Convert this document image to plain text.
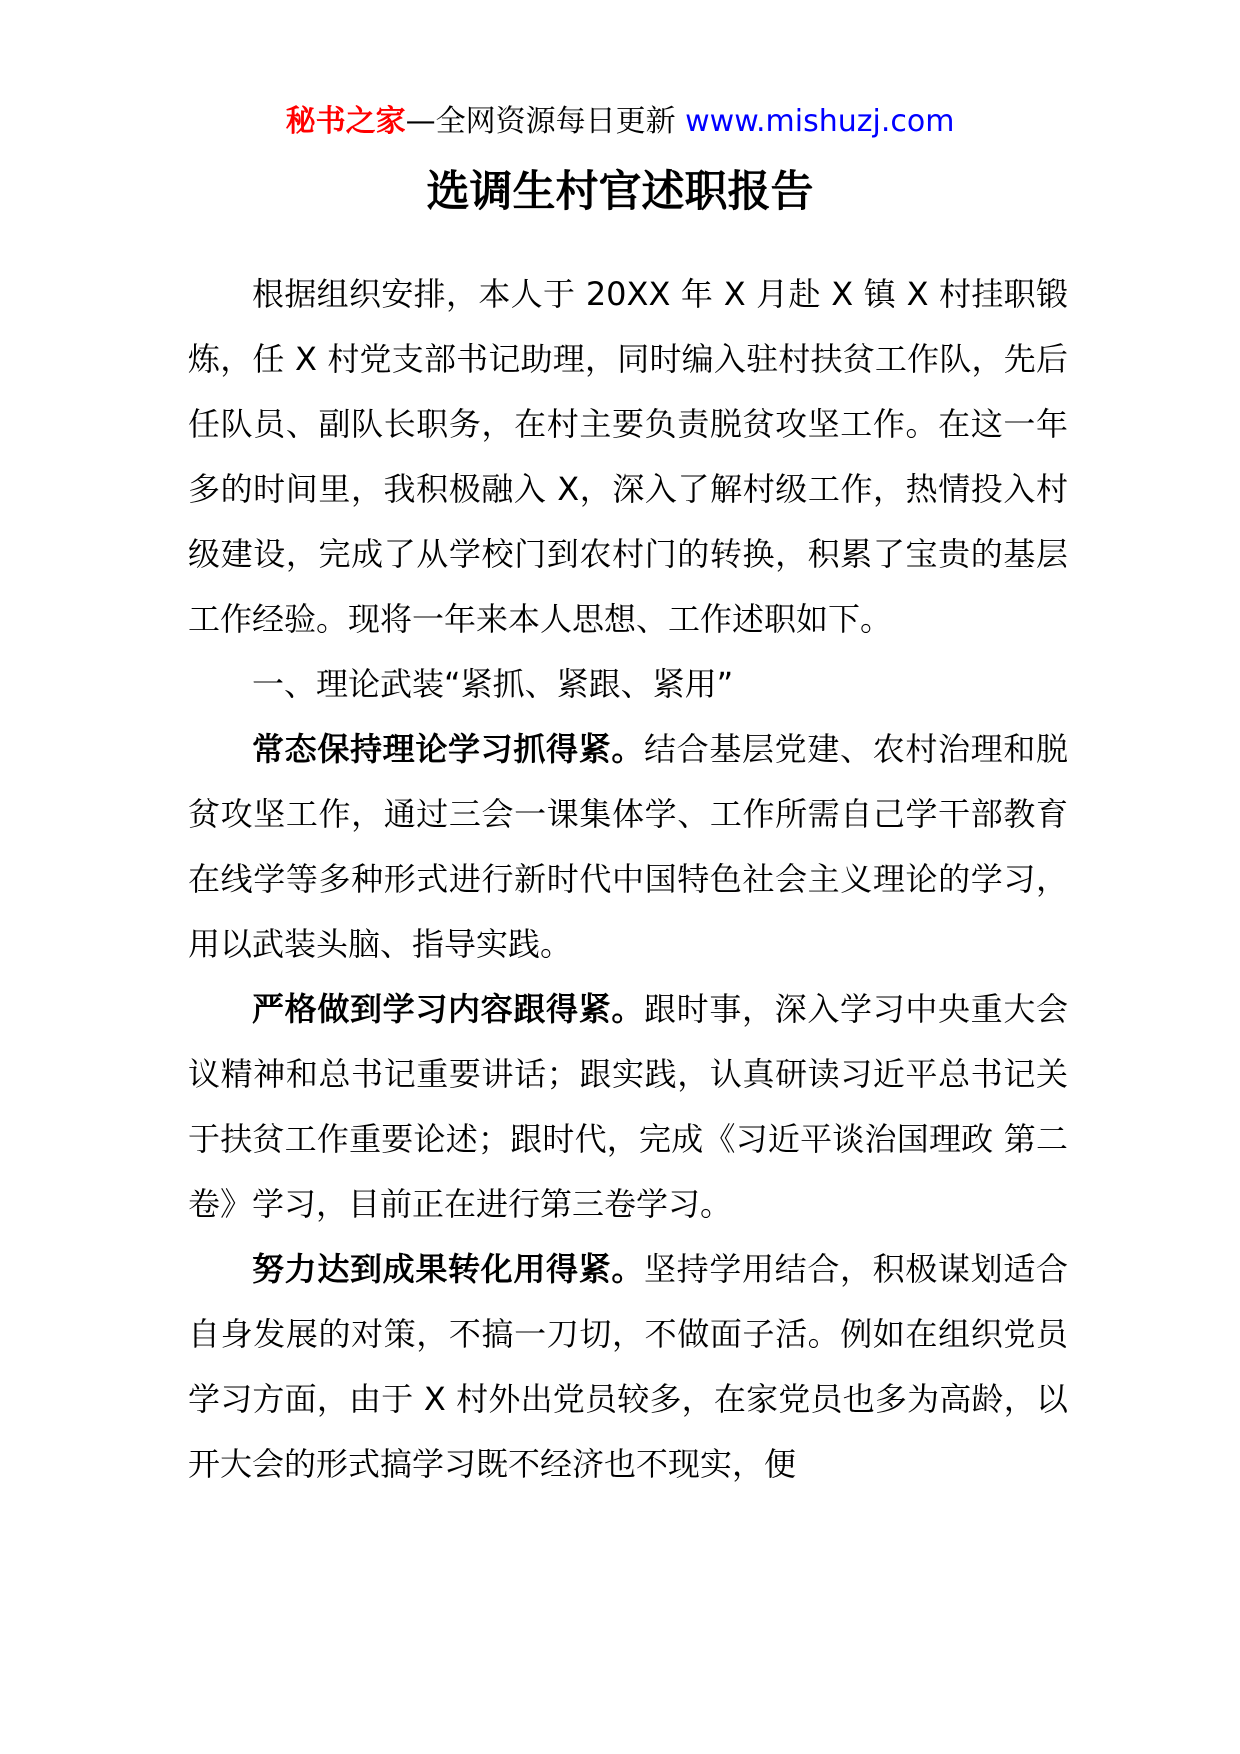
秘书之家—全网资源每日更新 www.mishuzj.com
选调生村官述职报告

根据组织安排，本人于 20XX 年 X 月赴 X 镇 X 村挂职锻炼，任 X 村党支部书记助理，同时编入驻村扶贫工作队，先后任队员、副队长职务，在村主要负责脱贫攻坚工作。在这一年多的时间里，我积极融入 X，深入了解村级工作，热情投入村级建设，完成了从学校门到农村门的转换，积累了宝贵的基层工作经验。现将一年来本人思想、工作述职如下。

一、理论武装“紧抓、紧跟、紧用”

常态保持理论学习抓得紧。结合基层党建、农村治理和脱贫攻坚工作，通过三会一课集体学、工作所需自己学干部教育在线学等多种形式进行新时代中国特色社会主义理论的学习，用以武装头脑、指导实践。

严格做到学习内容跟得紧。跟时事，深入学习中央重大会议精神和总书记重要讲话；跟实践，认真研读习近平总书记关于扶贫工作重要论述；跟时代，完成《习近平谈治国理政 第二卷》学习，目前正在进行第三卷学习。

努力达到成果转化用得紧。坚持学用结合，积极谋划适合自身发展的对策，不搞一刀切，不做面子活。例如在组织党员学习方面，由于 X 村外出党员较多，在家党员也多为高龄，以开大会的形式搞学习既不经济也不现实，便
